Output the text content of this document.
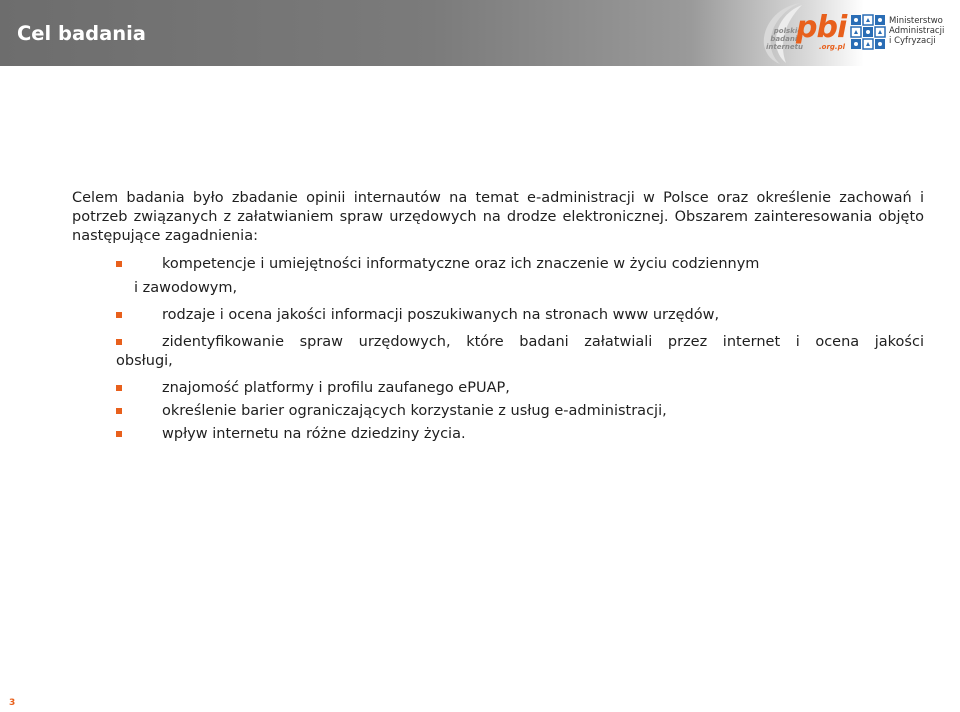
Cel badania	polskie
badania
internetu
pbi
.org.pl
Ministerstwo
Administracji
i Cyfryzacji

Celem badania było zbadanie opinii internautów na temat e-administracji w Polsce oraz określenie zachowań i potrzeb związanych z załatwianiem spraw urzędowych na drodze elektronicznej. Obszarem zainteresowania objęto następujące zagadnienia:

kompetencje i umiejętności informatyczne oraz ich znaczenie w życiu codziennym
i zawodowym,
rodzaje i ocena jakości informacji poszukiwanych na stronach www urzędów,
zidentyfikowanie spraw urzędowych, które badani załatwiali przez internet i ocena jakości
obsługi,
znajomość platformy i profilu zaufanego ePUAP,
określenie barier ograniczających korzystanie z usług e-administracji,
wpływ internetu na różne dziedziny życia.
3
